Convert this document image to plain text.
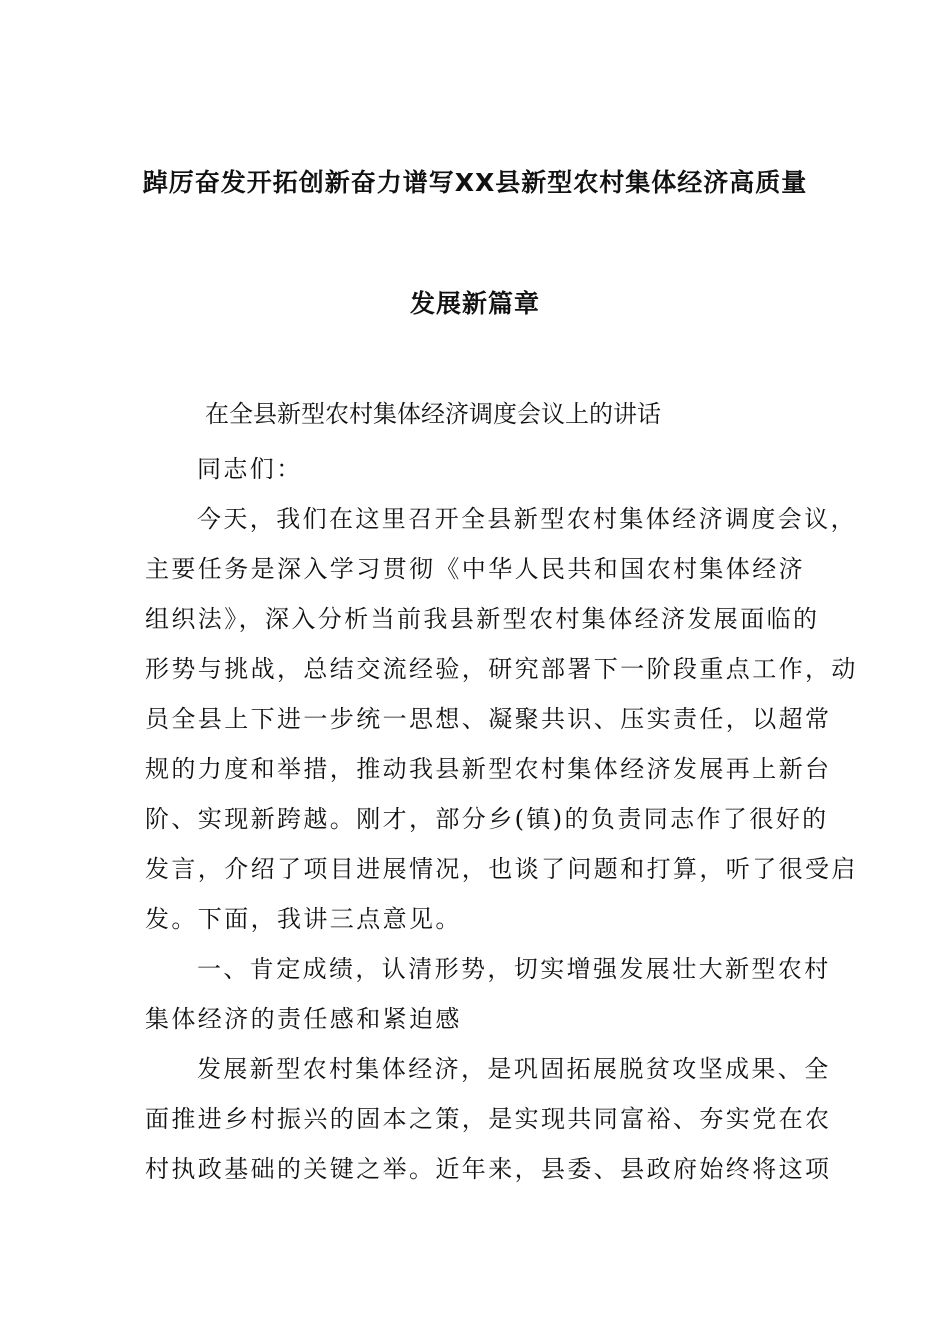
踔厉奋发开拓创新奋力谱写XX县新型农村集体经济高质量
发展新篇章
在全县新型农村集体经济调度会议上的讲话
同志们：
今天，我们在这里召开全县新型农村集体经济调度会议，
主要任务是深入学习贯彻《中华人民共和国农村集体经济
组织法》，深入分析当前我县新型农村集体经济发展面临的
形势与挑战，总结交流经验，研究部署下一阶段重点工作，动
员全县上下进一步统一思想、凝聚共识、压实责任，以超常
规的力度和举措，推动我县新型农村集体经济发展再上新台
阶、实现新跨越。刚才，部分乡(镇)的负责同志作了很好的
发言，介绍了项目进展情况，也谈了问题和打算，听了很受启
发。下面，我讲三点意见。
一、肯定成绩，认清形势，切实增强发展壮大新型农村
集体经济的责任感和紧迫感
发展新型农村集体经济，是巩固拓展脱贫攻坚成果、全
面推进乡村振兴的固本之策，是实现共同富裕、夯实党在农
村执政基础的关键之举。近年来，县委、县政府始终将这项
